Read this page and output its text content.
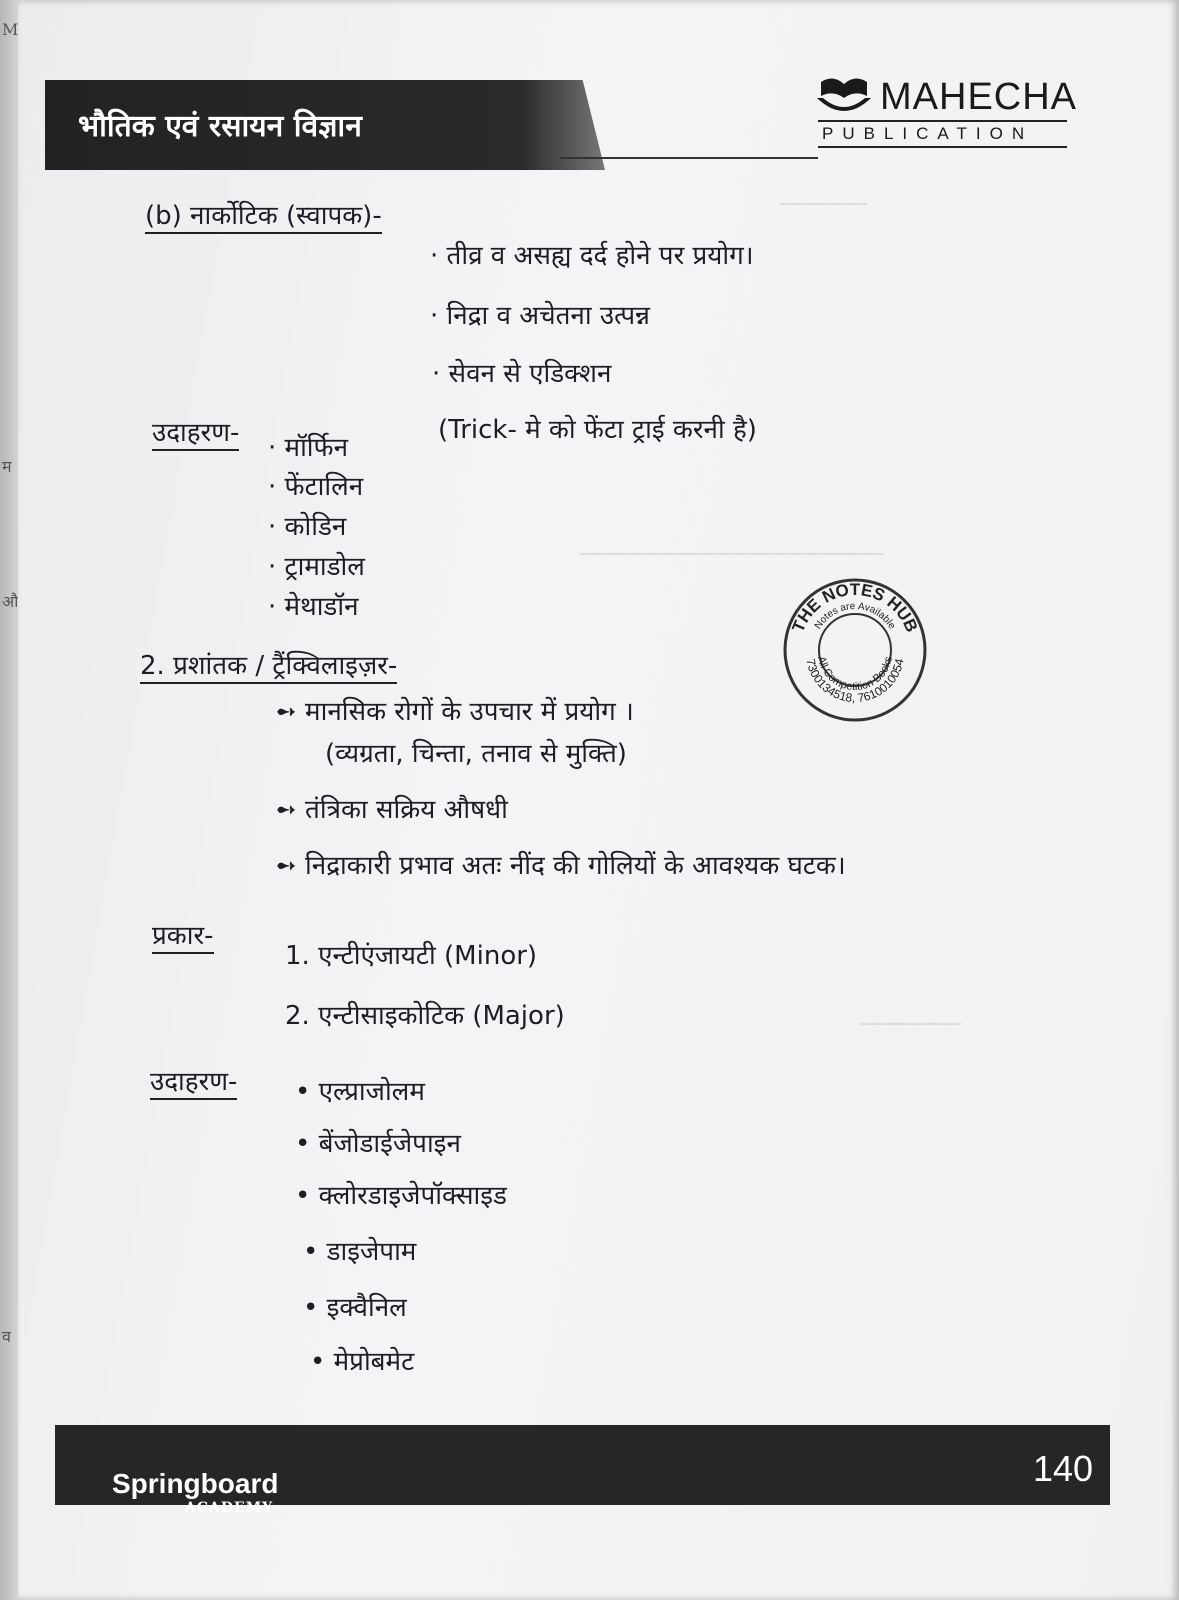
M
म
औ
व
──────
─────────────────────
───────
भौतिक एवं रसायन विज्ञान
MAHECHA
PUBLICATION
(b) नार्कोटिक (स्वापक)-
· तीव्र व असह्य दर्द होने पर प्रयोग।
· निद्रा व अचेतना उत्पन्न
· सेवन से एडिक्शन
उदाहरण-	(Trick- मे को फेंटा ट्राई करनी है)
· मॉर्फिन
· फेंटालिन
· कोडिन
· ट्रामाडोल
· मेथाडॉन
THE NOTES HUB
Notes are Available
All Competition Books
7300134518, 7610010054
2. प्रशांतक / ट्रैंक्विलाइज़र-
➻ मानसिक रोगों के उपचार में प्रयोग ।
(व्यग्रता, चिन्ता, तनाव से मुक्ति)
➻ तंत्रिका सक्रिय औषधी
➻ निद्राकारी प्रभाव अतः नींद की गोलियों के आवश्यक घटक।
प्रकार-
1. एन्टीएंजायटी (Minor)
2. एन्टीसाइकोटिक (Major)
उदाहरण- • एल्प्राजोलम
• बेंजोडाईजेपाइन
• क्लोरडाइजेपॉक्साइड
• डाइजेपाम
• इक्वैनिल
• मेप्रोबमेट
Springboard
ACADEMY
140
